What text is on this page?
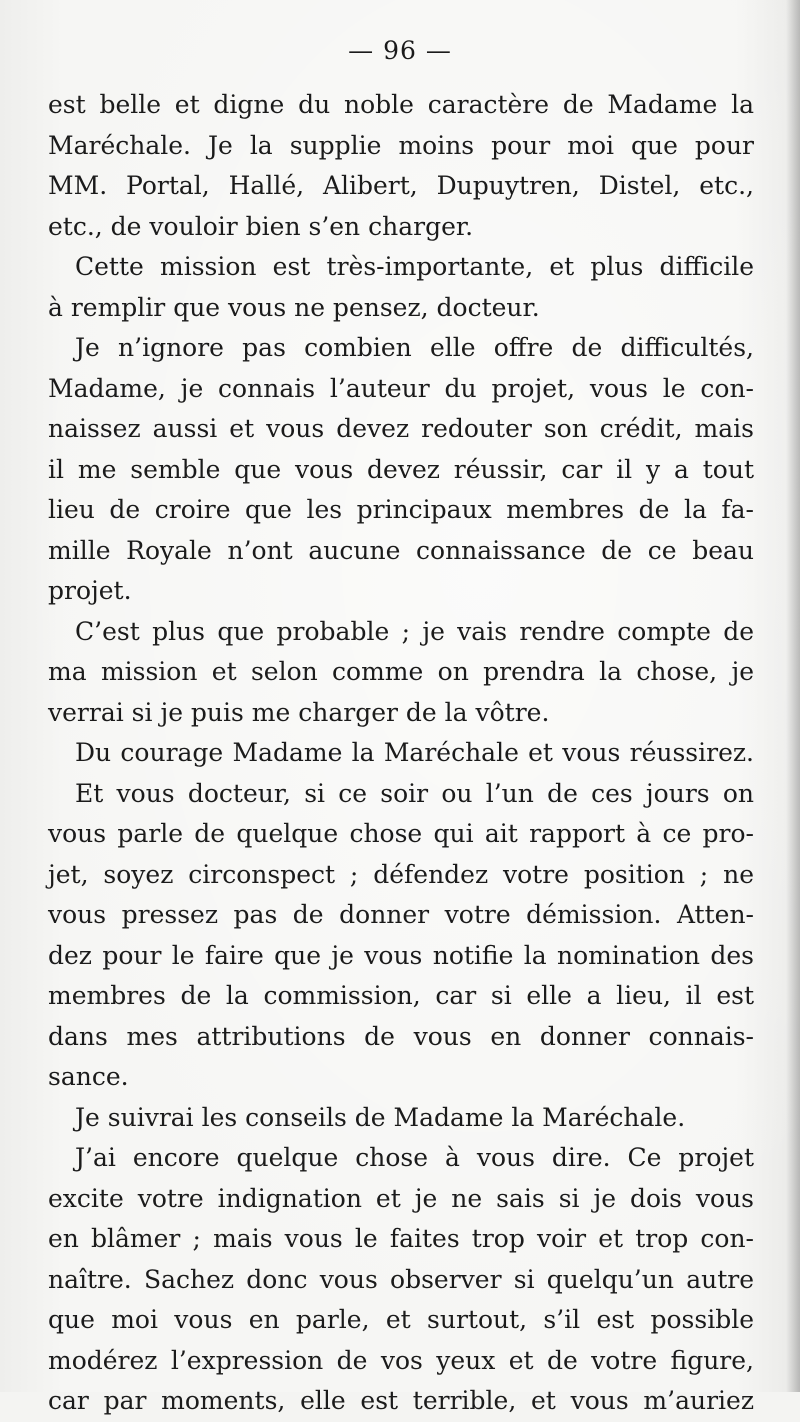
— 96 —
est belle et digne du noble caractère de Madame la
Maréchale. Je la supplie moins pour moi que pour
MM. Portal, Hallé, Alibert, Dupuytren, Distel, etc.,
etc., de vouloir bien s’en charger.
Cette mission est très-importante, et plus difficile
à remplir que vous ne pensez, docteur.
Je n’ignore pas combien elle offre de difficultés,
Madame, je connais l’auteur du projet, vous le con-
naissez aussi et vous devez redouter son crédit, mais
il me semble que vous devez réussir, car il y a tout
lieu de croire que les principaux membres de la fa-
mille Royale n’ont aucune connaissance de ce beau
projet.
C’est plus que probable ; je vais rendre compte de
ma mission et selon comme on prendra la chose, je
verrai si je puis me charger de la vôtre.
Du courage Madame la Maréchale et vous réussirez.
Et vous docteur, si ce soir ou l’un de ces jours on
vous parle de quelque chose qui ait rapport à ce pro-
jet, soyez circonspect ; défendez votre position ; ne
vous pressez pas de donner votre démission. Atten-
dez pour le faire que je vous notifie la nomination des
membres de la commission, car si elle a lieu, il est
dans mes attributions de vous en donner connais-
sance.
Je suivrai les conseils de Madame la Maréchale.
J’ai encore quelque chose à vous dire. Ce projet
excite votre indignation et je ne sais si je dois vous
en blâmer ; mais vous le faites trop voir et trop con-
naître. Sachez donc vous observer si quelqu’un autre
que moi vous en parle, et surtout, s’il est possible
modérez l’expression de vos yeux et de votre figure,
car par moments, elle est terrible, et vous m’auriez
